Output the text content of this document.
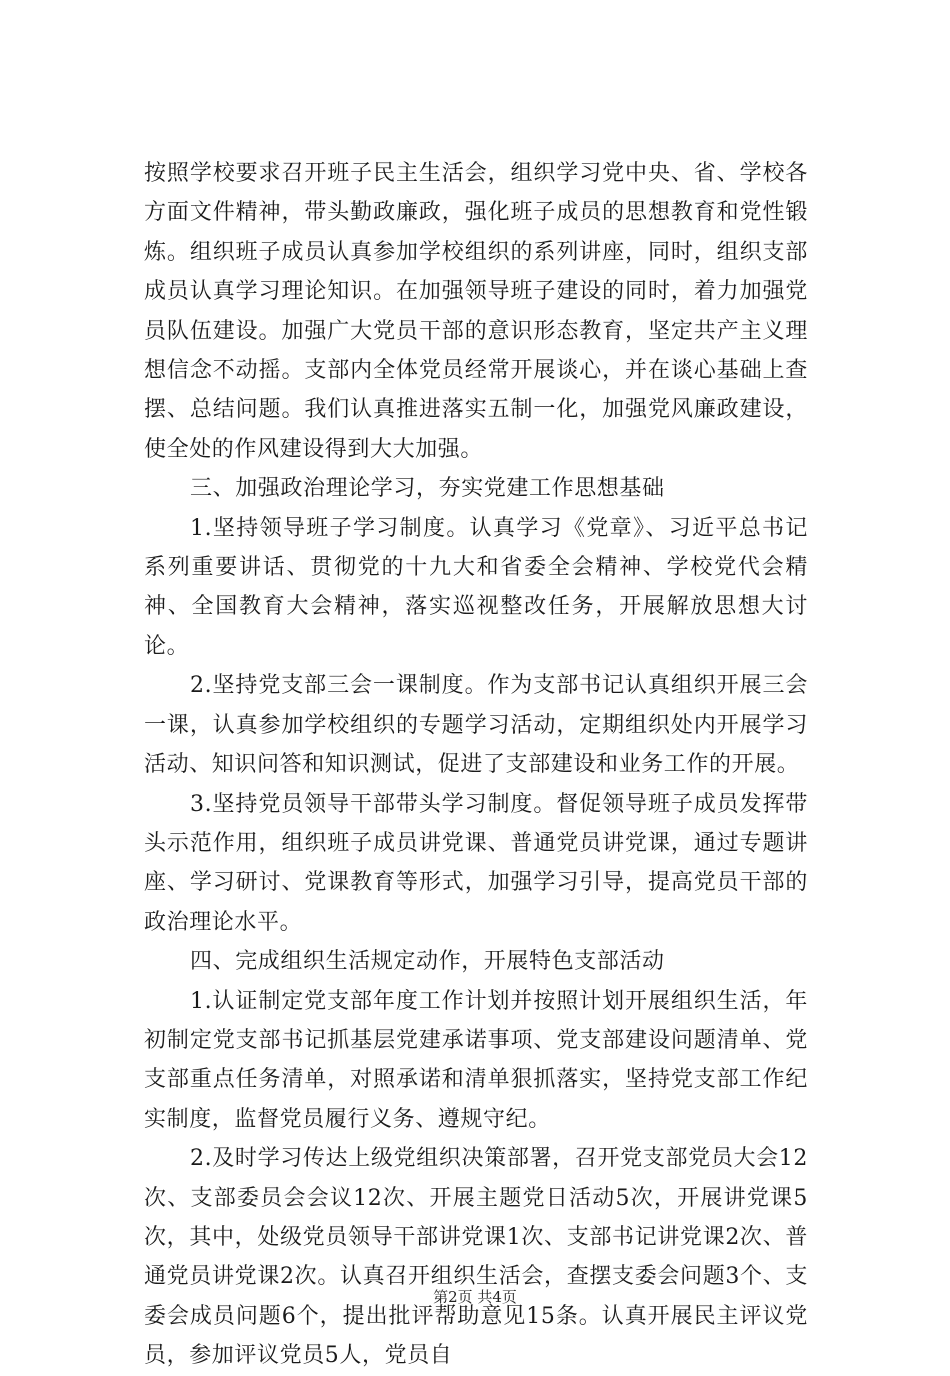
按照学校要求召开班子民主生活会，组织学习党中央、省、学校各方面文件精神，带头勤政廉政，强化班子成员的思想教育和党性锻炼。组织班子成员认真参加学校组织的系列讲座，同时，组织支部成员认真学习理论知识。在加强领导班子建设的同时，着力加强党员队伍建设。加强广大党员干部的意识形态教育，坚定共产主义理想信念不动摇。支部内全体党员经常开展谈心，并在谈心基础上查摆、总结问题。我们认真推进落实五制一化，加强党风廉政建设，使全处的作风建设得到大大加强。

三、加强政治理论学习，夯实党建工作思想基础

1.坚持领导班子学习制度。认真学习《党章》、习近平总书记系列重要讲话、贯彻党的十九大和省委全会精神、学校党代会精神、全国教育大会精神，落实巡视整改任务，开展解放思想大讨论。

2.坚持党支部三会一课制度。作为支部书记认真组织开展三会一课，认真参加学校组织的专题学习活动，定期组织处内开展学习活动、知识问答和知识测试，促进了支部建设和业务工作的开展。

3.坚持党员领导干部带头学习制度。督促领导班子成员发挥带头示范作用，组织班子成员讲党课、普通党员讲党课，通过专题讲座、学习研讨、党课教育等形式，加强学习引导，提高党员干部的政治理论水平。

四、完成组织生活规定动作，开展特色支部活动

1.认证制定党支部年度工作计划并按照计划开展组织生活，年初制定党支部书记抓基层党建承诺事项、党支部建设问题清单、党支部重点任务清单，对照承诺和清单狠抓落实，坚持党支部工作纪实制度，监督党员履行义务、遵规守纪。

2.及时学习传达上级党组织决策部署，召开党支部党员大会12次、支部委员会会议12次、开展主题党日活动5次，开展讲党课5次，其中，处级党员领导干部讲党课1次、支部书记讲党课2次、普通党员讲党课2次。认真召开组织生活会，查摆支委会问题3个、支委会成员问题6个，提出批评帮助意见15条。认真开展民主评议党员，参加评议党员5人，党员自

第2页 共4页
